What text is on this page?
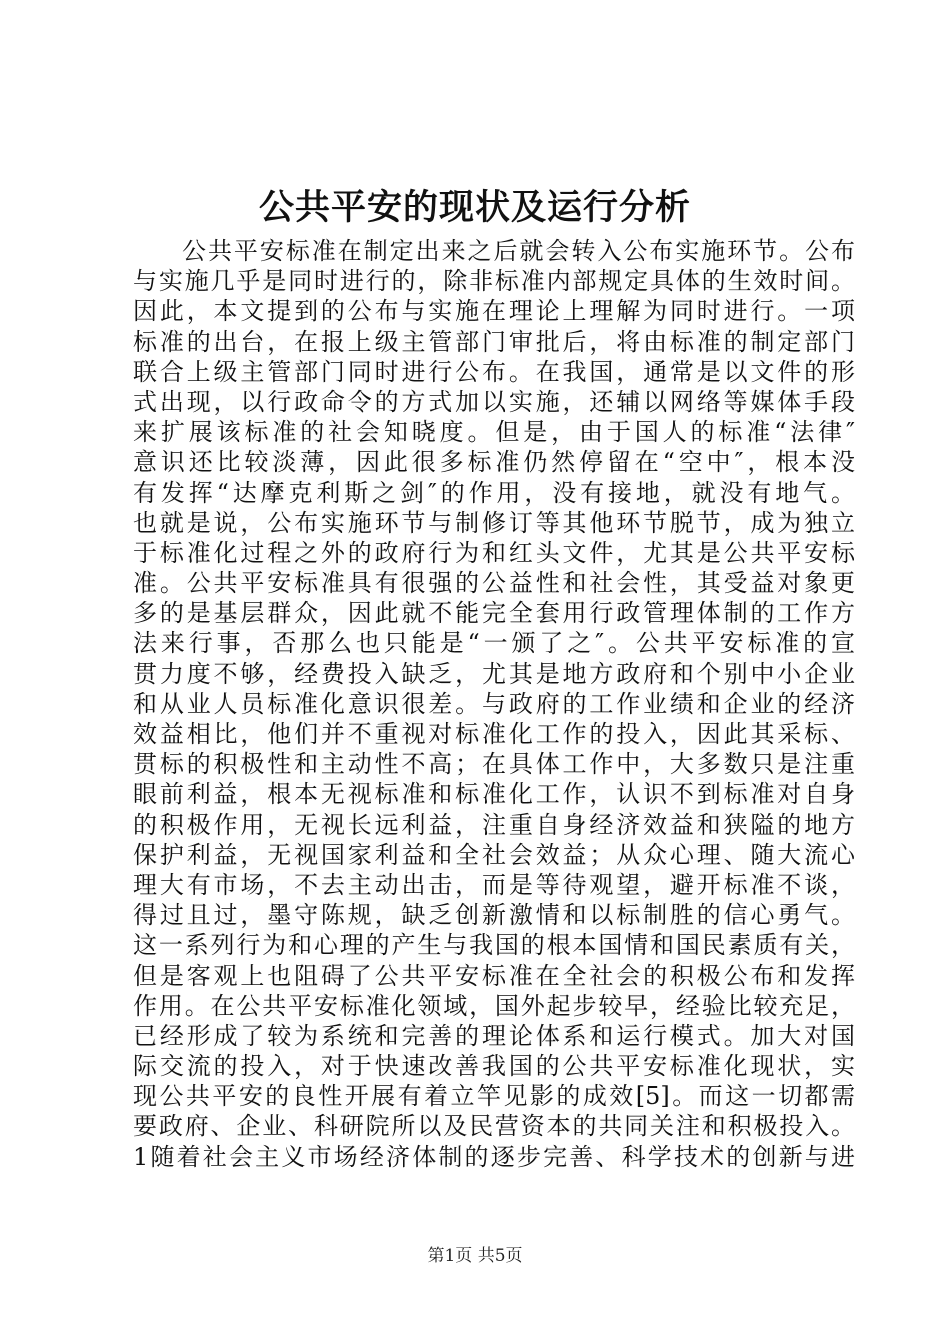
公共平安的现状及运行分析
公共平安标准在制定出来之后就会转入公布实施环节。公布
与实施几乎是同时进行的，除非标准内部规定具体的生效时间。
因此，本文提到的公布与实施在理论上理解为同时进行。一项
标准的出台，在报上级主管部门审批后，将由标准的制定部门
联合上级主管部门同时进行公布。在我国，通常是以文件的形
式出现，以行政命令的方式加以实施，还辅以网络等媒体手段
来扩展该标准的社会知晓度。但是，由于国人的标准“法律″
意识还比较淡薄，因此很多标准仍然停留在“空中″，根本没
有发挥“达摩克利斯之剑″的作用，没有接地，就没有地气。
也就是说，公布实施环节与制修订等其他环节脱节，成为独立
于标准化过程之外的政府行为和红头文件，尤其是公共平安标
准。公共平安标准具有很强的公益性和社会性，其受益对象更
多的是基层群众，因此就不能完全套用行政管理体制的工作方
法来行事，否那么也只能是“一颁了之″。公共平安标准的宣
贯力度不够，经费投入缺乏，尤其是地方政府和个别中小企业
和从业人员标准化意识很差。与政府的工作业绩和企业的经济
效益相比，他们并不重视对标准化工作的投入，因此其采标、
贯标的积极性和主动性不高；在具体工作中，大多数只是注重
眼前利益，根本无视标准和标准化工作，认识不到标准对自身
的积极作用，无视长远利益，注重自身经济效益和狭隘的地方
保护利益，无视国家利益和全社会效益；从众心理、随大流心
理大有市场，不去主动出击，而是等待观望，避开标准不谈，
得过且过，墨守陈规，缺乏创新激情和以标制胜的信心勇气。
这一系列行为和心理的产生与我国的根本国情和国民素质有关，
但是客观上也阻碍了公共平安标准在全社会的积极公布和发挥
作用。在公共平安标准化领域，国外起步较早，经验比较充足，
已经形成了较为系统和完善的理论体系和运行模式。加大对国
际交流的投入，对于快速改善我国的公共平安标准化现状，实
现公共平安的良性开展有着立竿见影的成效[5]。而这一切都需
要政府、企业、科研院所以及民营资本的共同关注和积极投入。
1随着社会主义市场经济体制的逐步完善、科学技术的创新与进
第1页 共5页
